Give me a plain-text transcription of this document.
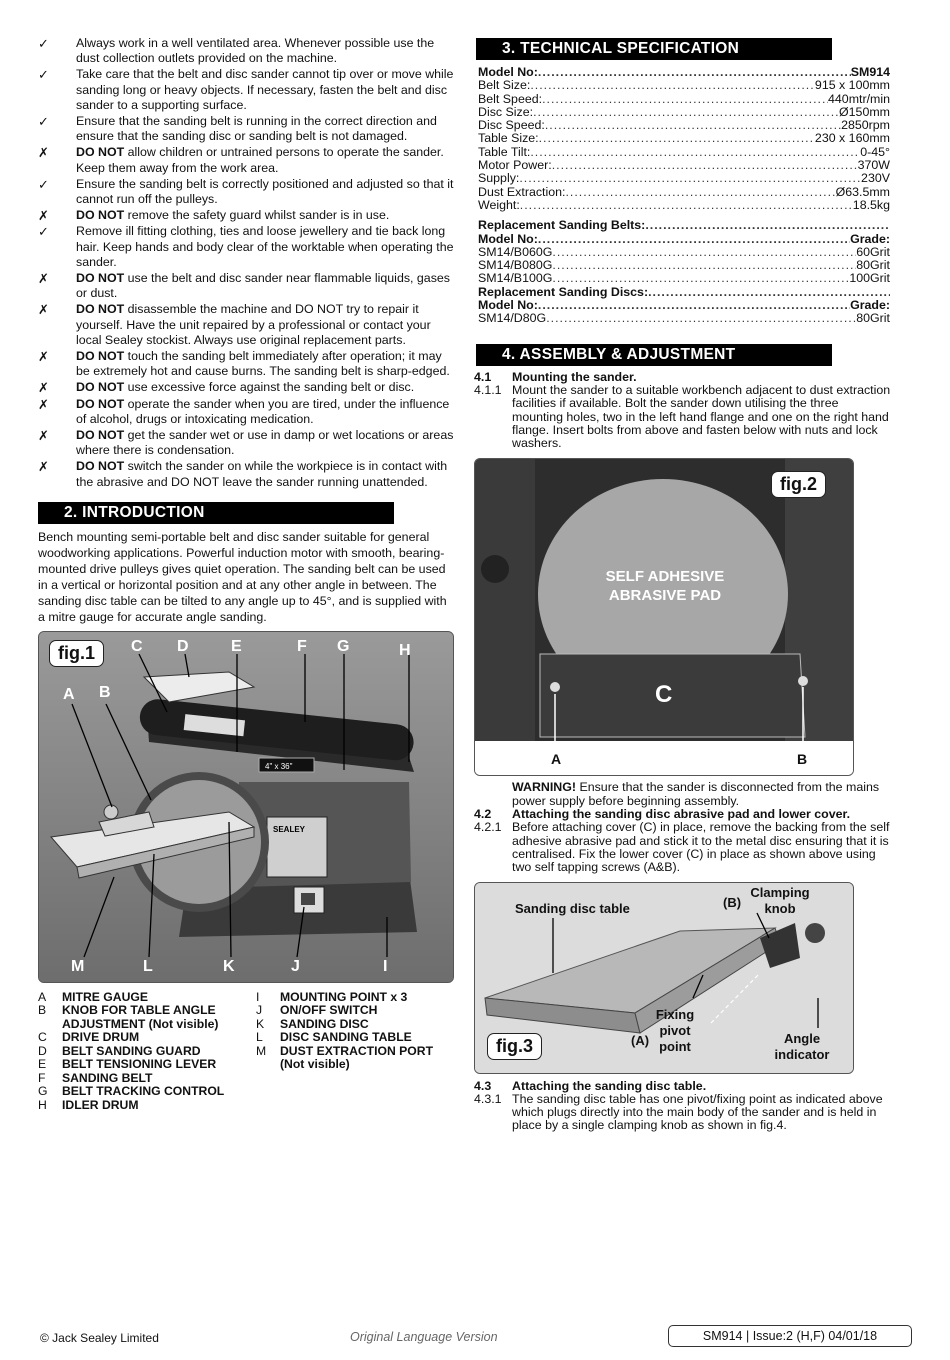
✓	Always work in a well ventilated area. Whenever possible use the dust collection outlets provided on the machine.
✓	Take care that the belt and disc sander cannot tip over or move while sanding long or heavy objects. If necessary, fasten the belt and disc sander to a supporting surface.
✓	Ensure that the sanding belt is running in the correct direction and ensure that the sanding disc or sanding belt is not damaged.
✗	DO NOT allow children or untrained persons to operate the sander. Keep them away from the work area.
✓	Ensure the sanding belt is correctly positioned and adjusted so that it cannot run off the pulleys.
✗	DO NOT remove the safety guard whilst sander is in use.
✓	Remove ill fitting clothing, ties and loose jewellery and tie back long hair. Keep hands and body clear of the worktable when operating the sander.
✗	DO NOT use the belt and disc sander near flammable liquids, gases or dust.
✗	DO NOT disassemble the machine and DO NOT try to repair it yourself. Have the unit repaired by a professional or contact your local Sealey stockist. Always use original replacement parts.
✗	DO NOT touch the sanding belt immediately after operation; it may be extremely hot and cause burns. The sanding belt is sharp-edged.
✗	DO NOT use excessive force against the sanding belt or disc.
✗	DO NOT operate the sander when you are tired, under the influence of alcohol, drugs or intoxicating medication.
✗	DO NOT get the sander wet or use in damp or wet locations or areas where there is condensation.
✗	DO NOT switch the sander on while the workpiece is in contact with the abrasive and DO NOT leave the sander running unattended.
2. INTRODUCTION
Bench mounting semi-portable belt and disc sander suitable for general woodworking applications. Powerful induction motor with smooth, bearing-mounted drive pulleys gives quiet operation. The sanding belt can be used in a vertical or horizontal position and at any other angle in between. The sanding disc table can be tilted to any angle up to 45°, and is supplied with a mitre gauge for accurate angle sanding.
SEALEY
4" x 36"
fig.1	C D	E	F G	H
A B
M	L	K	J	I
A	MITRE GAUGE
B	KNOB FOR TABLE ANGLE ADJUSTMENT (Not visible)
C	DRIVE DRUM
D	BELT SANDING GUARD
E	BELT TENSIONING LEVER
F	SANDING BELT
G	BELT TRACKING CONTROL
H	IDLER DRUM
I	MOUNTING POINT x 3
J	ON/OFF SWITCH
K	SANDING DISC
L	DISC SANDING TABLE
M	DUST EXTRACTION PORT (Not visible)
3. TECHNICAL SPECIFICATION
Model No: .....	SM914
Belt Size: .....	915 x 100mm
Belt Speed: .....	440mtr/min
Disc Size: .....	Ø150mm
Disc Speed: .....	2850rpm
Table Size: .....	230 x 160mm
Table Tilt: .....	0-45°
Motor Power: .....	370W
Supply: .....	230V
Dust Extraction: .....	Ø63.5mm
Weight: .....	18.5kg
Replacement Sanding Belts:
.....
Model No: .....	Grade:
SM14/B060G .....	60Grit
SM14/B080G .....	80Grit
SM14/B100G .....	100Grit
Replacement Sanding Discs:
.....
Model No: .....	Grade:
SM14/D80G .....	80Grit
4. ASSEMBLY & ADJUSTMENT
4.1	Mounting the sander.
4.1.1 Mount the sander to a suitable workbench adjacent to dust extraction facilities if available. Bolt the sander down utilising the three mounting holes, two in the left hand flange and one on the right hand flange. Insert bolts from above and fasten below with nuts and lock washers.
fig.2
SELF ADHESIVE ABRASIVE PAD
C
A	B
WARNING! Ensure that the sander is disconnected from the mains power supply before beginning assembly.
4.2	Attaching the sanding disc abrasive pad and lower cover.
4.2.1 Before attaching cover (C) in place, remove the backing from the self adhesive abrasive pad and stick it to the metal disc ensuring that it is centralised. Fix the lower cover (C) in place as shown above using two self tapping screws (A&B).
Sanding disc table	(B)
Clamping knob
Fixing pivot point
(A)	Angle indicator
fig.3
4.3	Attaching the sanding disc table.
4.3.1 The sanding disc table has one pivot/fixing point as indicated above which plugs directly into the main body of the sander and is held in place by a single clamping knob as shown in fig.4.
© Jack Sealey Limited	Original Language Version	SM914 | Issue:2 (H,F) 04/01/18
